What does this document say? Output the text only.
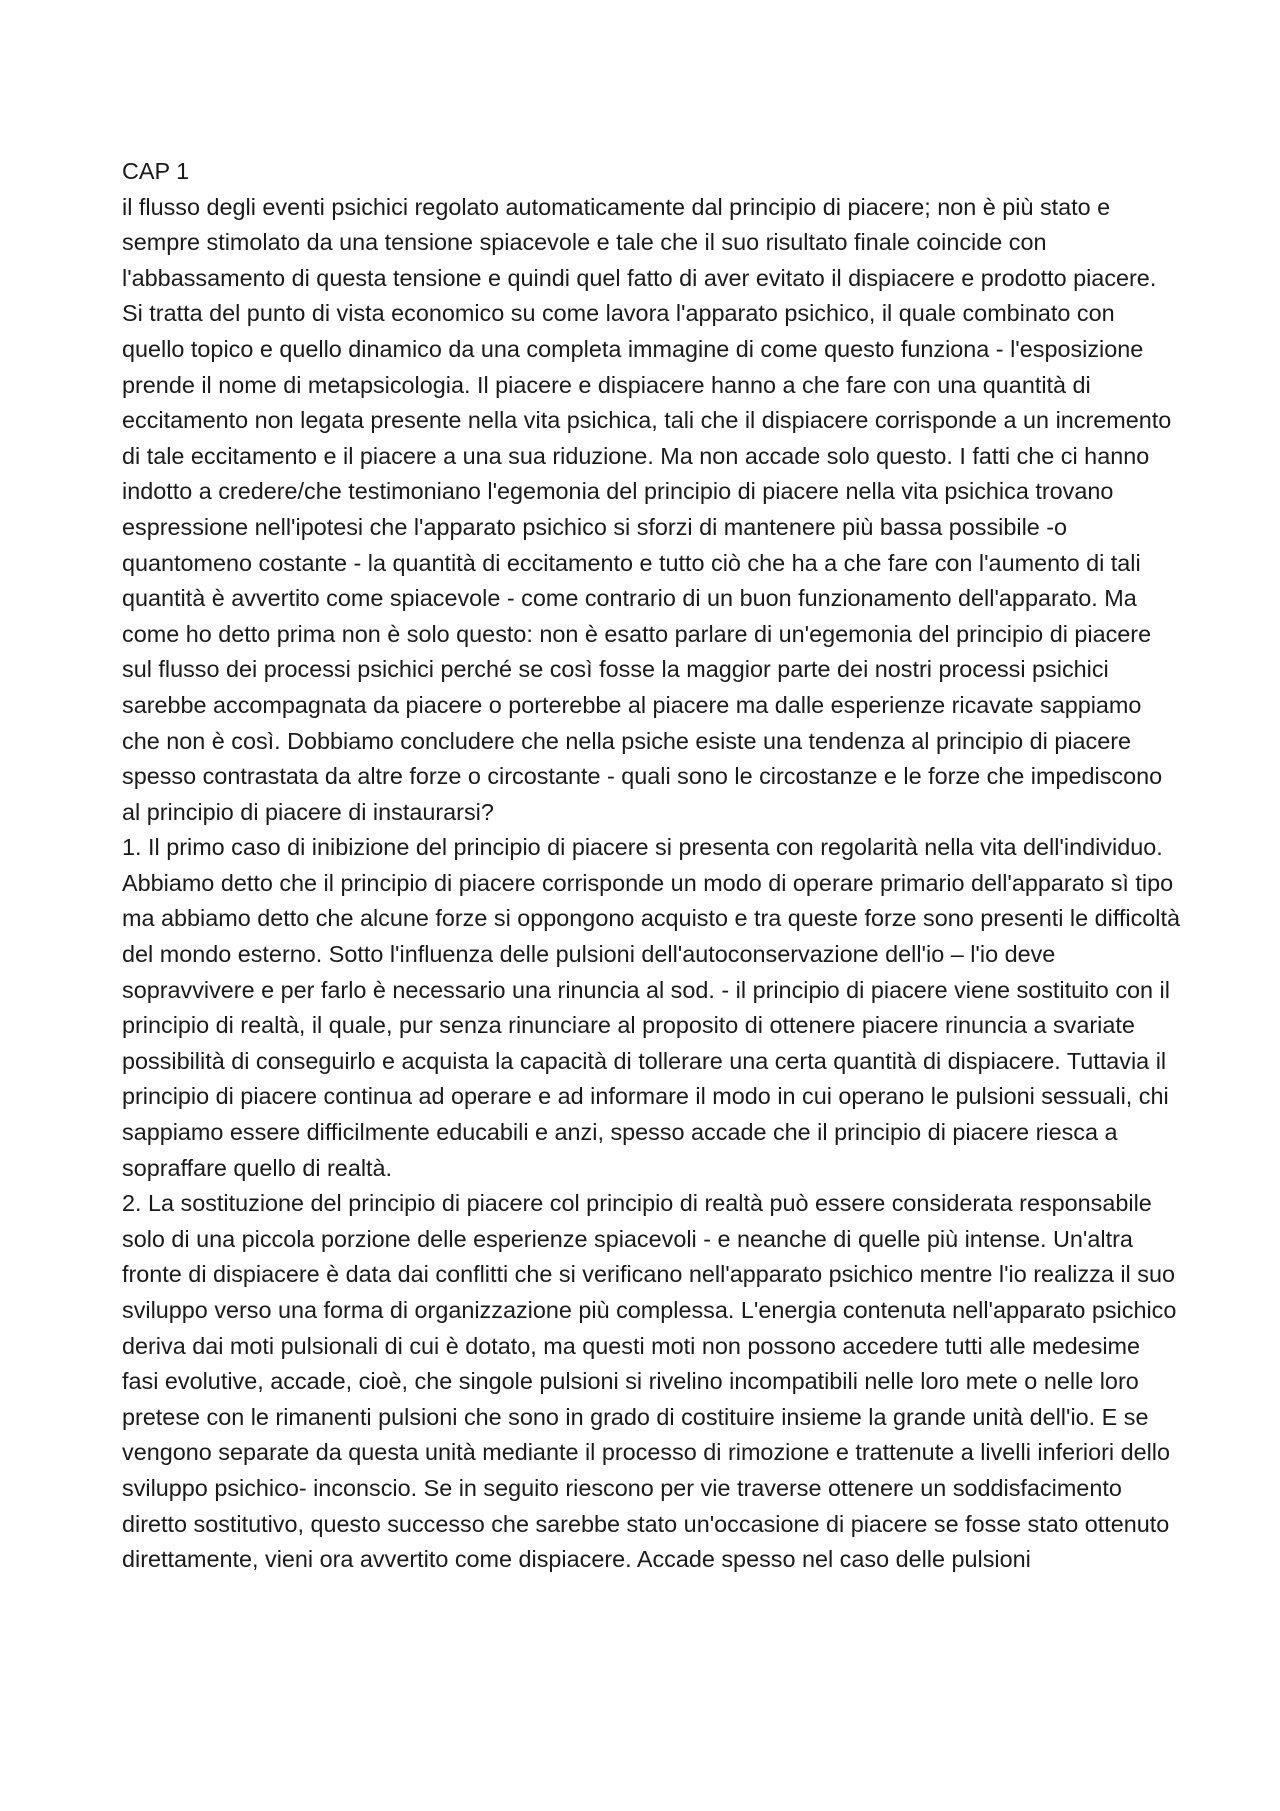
CAP 1

il flusso degli eventi psichici regolato automaticamente dal principio di piacere; non è più stato e sempre stimolato da una tensione spiacevole e tale che il suo risultato finale coincide con l'abbassamento di questa tensione e quindi quel fatto di aver evitato il dispiacere e prodotto piacere. Si tratta del punto di vista economico su come lavora l'apparato psichico, il quale combinato con quello topico e quello dinamico da una completa immagine di come questo funziona - l'esposizione prende il nome di metapsicologia. Il piacere e dispiacere hanno a che fare con una quantità di eccitamento non legata presente nella vita psichica, tali che il dispiacere corrisponde a un incremento di tale eccitamento e il piacere a una sua riduzione. Ma non accade solo questo. I fatti che ci hanno indotto a credere/che testimoniano l'egemonia del principio di piacere nella vita psichica trovano espressione nell'ipotesi che l'apparato psichico si sforzi di mantenere più bassa possibile -o quantomeno costante - la quantità di eccitamento e tutto ciò che ha a che fare con l'aumento di tali quantità è avvertito come spiacevole - come contrario di un buon funzionamento dell'apparato. Ma come ho detto prima non è solo questo: non è esatto parlare di un'egemonia del principio di piacere sul flusso dei processi psichici perché se così fosse la maggior parte dei nostri processi psichici sarebbe accompagnata da piacere o porterebbe al piacere ma dalle esperienze ricavate sappiamo che non è così. Dobbiamo concludere che nella psiche esiste una tendenza al principio di piacere spesso contrastata da altre forze o circostante - quali sono le circostanze e le forze che impediscono al principio di piacere di instaurarsi?

1. Il primo caso di inibizione del principio di piacere si presenta con regolarità nella vita dell'individuo. Abbiamo detto che il principio di piacere corrisponde un modo di operare primario dell'apparato sì tipo ma abbiamo detto che alcune forze si oppongono acquisto e tra queste forze sono presenti le difficoltà del mondo esterno. Sotto l'influenza delle pulsioni dell'autoconservazione dell'io – l'io deve sopravvivere e per farlo è necessario una rinuncia al sod. - il principio di piacere viene sostituito con il principio di realtà, il quale, pur senza rinunciare al proposito di ottenere piacere rinuncia a svariate possibilità di conseguirlo e acquista la capacità di tollerare una certa quantità di dispiacere. Tuttavia il principio di piacere continua ad operare e ad informare il modo in cui operano le pulsioni sessuali, chi sappiamo essere difficilmente educabili e anzi, spesso accade che il principio di piacere riesca a sopraffare quello di realtà.

2. La sostituzione del principio di piacere col principio di realtà può essere considerata responsabile solo di una piccola porzione delle esperienze spiacevoli - e neanche di quelle più intense. Un'altra fronte di dispiacere è data dai conflitti che si verificano nell'apparato psichico mentre l'io realizza il suo sviluppo verso una forma di organizzazione più complessa. L'energia contenuta nell'apparato psichico deriva dai moti pulsionali di cui è dotato, ma questi moti non possono accedere tutti alle medesime fasi evolutive, accade, cioè, che singole pulsioni si rivelino incompatibili nelle loro mete o nelle loro pretese con le rimanenti pulsioni che sono in grado di costituire insieme la grande unità dell'io. E se vengono separate da questa unità mediante il processo di rimozione e trattenute a livelli inferiori dello sviluppo psichico- inconscio. Se in seguito riescono per vie traverse ottenere un soddisfacimento diretto sostitutivo, questo successo che sarebbe stato un'occasione di piacere se fosse stato ottenuto direttamente, vieni ora avvertito come dispiacere. Accade spesso nel caso delle pulsioni
